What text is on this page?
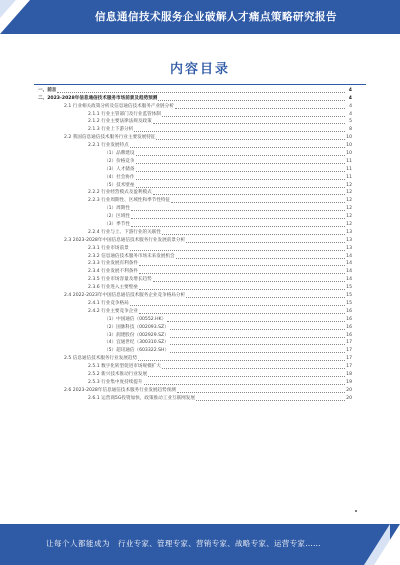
信息通信技术服务企业破解人才痛点策略研究报告
内容目录
一、前言	4
二、2023-2028年信息通信技术服务市场前景及趋势预测	4
2.1 行业相关政策分析及信息通信技术服务产业链分析	4
2.1.1 行业主管部门及行业监管体制	4
2.1.2 行业主要法律法规及政策	5
2.1.3 行业上下游分析	8
2.2 我国信息通信技术服务行业主要发展特征	10
2.2.1 行业发展特点	10
（1）品牌建设	10
（2）价格竞争	11
（3）人才储备	11
（4）社会协作	11
（5）技术壁垒	12
2.2.2 行业经营模式及盈利模式	12
2.2.3 行业周期性、区域性和季节性特征	12
（1）周期性	12
（2）区域性	12
（3）季节性	12
2.2.4 行业与上、下游行业的关联性	13
2.3 2023-2028年中国信息通信技术服务行业发展前景分析	13
2.3.1 行业市场前景	13
2.3.2 信息通信技术服务市场未来发展机会	14
2.3.3 行业发展有利条件	14
2.3.4 行业发展不利条件	14
2.3.5 行业市场容量及增长趋势	14
2.3.6 行业进入主要壁垒	15
2.4 2022-2023年中国信息通信技术服务企业竞争格局分析	15
2.4.1 行业竞争格局	15
2.4.2 行业主要竞争企业	16
（1）中国通信（00552.HK）	16
（2）国脉科技（002093.SZ）	16
（3）润建股份（002929.SZ）	16
（4）宜通世纪（300310.SZ）	17
（5）超讯通信（603322.SH）	17
2.5 信息通信技术服务行业发展趋势	17
2.5.1 数字化转型促进市场规模扩大	17
2.5.2 新兴技术推动行业发展	18
2.5.3 行业集中度持续提升	19
2.6 2023-2028年信息通信技术服务行业发展趋势预测	20
2.6.1 运营商5G投资加快，政策推动工业互联网发展	20
让每个人都能成为 行业专家、管理专家、营销专家、战略专家、运营专家……
